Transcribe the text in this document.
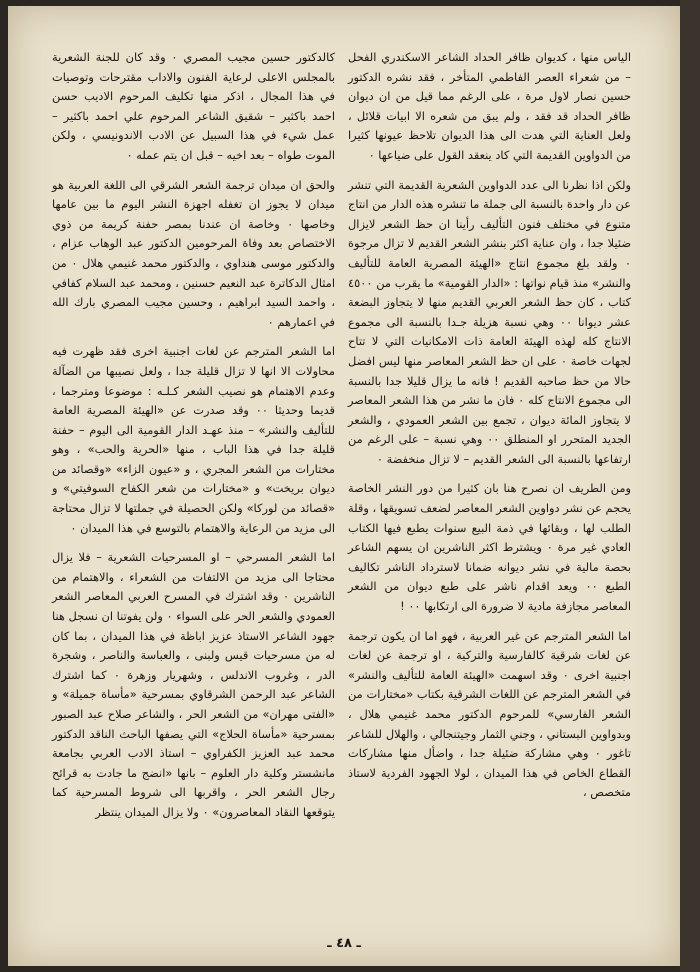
الياس منها ، كديوان ظافر الحداد الشاعر الاسكندري الفحل – من شعراء العصر الفاطمي المتأخر ، فقد نشره الدكتور حسين نصار لاول مرة ، على الرغم مما قيل من ان ديوان ظافر الحداد قد فقد ، ولم يبق من شعره الا ابيات قلائل ، ولعل العناية التي هدت الى هذا الديوان تلاحظ عيونها كثيرا من الدواوين القديمة التي كاد ينعقد القول على ضياعها ۰

ولكن اذا نظرنا الى عدد الدواوين الشعرية القديمة التي تنشر عن دار واحدة بالنسبة الى جملة ما تنشره هذه الدار من انتاج متنوع في مختلف فنون التأليف رأينا ان حظ الشعر لايزال ضئيلا جدا ، وان عناية اكثر بنشر الشعر القديم لا تزال مرجوة ۰ ولقد بلغ مجموع انتاج «الهيئة المصرية العامة للتأليف والنشر» منذ قيام نواتها : «الدار القومية» ما يقرب من ٤٥٠٠ كتاب ، كان حظ الشعر العربي القديم منها لا يتجاوز البضعة عشر ديوانا ۰۰ وهي نسبة هزيلة جـدا بالنسبة الى مجموع الانتاج كله لهذه الهيئة العامة ذات الامكانيات التي لا تتاح لجهات خاصة ۰ على ان حظ الشعر المعاصر منها ليس افضل حالا من حظ صاحبه القديم ! فانه ما يزال قليلا جدا بالنسبة الى مجموع الانتاج كله ۰ فان ما نشر من هذا الشعر المعاصر لا يتجاوز المائة ديوان ، تجمع بين الشعر العمودي ، والشعر الجديد المتحرر او المنطلق ۰۰ وهي نسبة – على الرغم من ارتفاعها بالنسبة الى الشعر القديم – لا تزال منخفضة ۰

ومن الطريف ان نصرح هنا بان كثيرا من دور النشر الخاصة يحجم عن نشر دواوين الشعر المعاصر لضعف تسويقها ، وقلة الطلب لها ، وبقائها في ذمة البيع سنوات يطبع فيها الكتاب العادي غير مرة ۰ ويشترط اكثر الناشرين ان يسهم الشاعر بحصة مالية في نشر ديوانه ضمانا لاسترداد الناشر تكاليف الطبع ۰۰ ويعد اقدام ناشر على طبع ديوان من الشعر المعاصر مجازفة مادية لا ضرورة الى ارتكابها ۰۰ !

اما الشعر المترجم عن غير العربية ، فهو اما ان يكون ترجمة عن لغات شرقية كالفارسية والتركية ، او ترجمة عن لغات اجنبية اخرى ۰ وقد اسهمت «الهيئة العامة للتأليف والنشر» في الشعر المترجم عن اللغات الشرقية بكتاب «مختارات من الشعر الفارسي» للمرحوم الدكتور محمد غنيمي هلال ، وبدواوين البستاني ، وجني الثمار وجيتنجالي ، والهلال للشاعر تاغور ۰ وهي مشاركة ضئيلة جدا ، واضأل منها مشاركات القطاع الخاص في هذا الميدان ، لولا الجهود الفردية لاستاذ متخصص ،

كالدكتور حسين مجيب المصري ۰ وقد كان للجنة الشعرية بالمجلس الاعلى لرعاية الفنون والاداب مقترحات وتوصيات في هذا المجال ، اذكر منها تكليف المرحوم الاديب حسن احمد باكثير – شقيق الشاعر المرحوم علي احمد باكثير – عمل شيء في هذا السبيل عن الادب الاندونيسي ، ولكن الموت طواه – بعد اخيه – قبل ان يتم عمله ۰

والحق ان ميدان ترجمة الشعر الشرقي الى اللغة العربية هو ميدان لا يجوز ان تغفله اجهزة النشر اليوم ما بين عامها وخاصها ۰ وخاصة ان عندنا بمصر حفنة كريمة من ذوي الاختصاص بعد وفاة المرحومين الدكتور عبد الوهاب عزام ، والدكتور موسى هنداوي ، والدكتور محمد غنيمي هلال ۰ من امثال الدكاترة عبد النعيم حسنين ، ومحمد عبد السلام كفافي ، واحمد السيد ابراهيم ، وحسين مجيب المصري بارك الله في اعمارهم ۰

اما الشعر المترجم عن لغات اجنبية اخرى فقد ظهرت فيه محاولات الا انها لا تزال قليلة جدا ، ولعل نصيبها من الضآلة وعدم الاهتمام هو نصيب الشعر كـلـه : موضوعا ومترجما ، قديما وحديثا ۰۰ وقد صدرت عن «الهيئة المصرية العامة للتأليف والنشر» – منذ عهـد الدار القومية الى اليوم – حفنة قليلة جدا في هذا الباب ، منها «الحرية والحب» ، وهو مختارات من الشعر المجري ، و «عيون الزاء» «وقصائد من ديوان بريخت» و «مختارات من شعر الكفاح السوفيتي» و «قصائد من لوركا» ولكن الحصيلة في جملتها لا تزال محتاجة الى مزيد من الرعاية والاهتمام بالتوسع في هذا الميدان ۰

اما الشعر المسرحي – او المسرحيات الشعرية – فلا يزال محتاجا الى مزيد من الالتفات من الشعراء ، والاهتمام من الناشرين ۰ وقد اشترك في المسرح العربي المعاصر الشعر العمودي والشعر الحر على السواء ۰ ولن يفوتنا ان نسجل هنا جهود الشاعر الاستاذ عزيز اباظة في هذا الميدان ، بما كان له من مسرحيات قيس ولبنى ، والعباسة والناصر ، وشجرة الدر ، وغروب الاندلس ، وشهريار وزهرة ۰ كما اشترك الشاعر عبد الرحمن الشرقاوي بمسرحية «مأساة جميلة» و «الفتى مهران» من الشعر الحر ، والشاعر صلاح عبد الصبور بمسرحية «مأساة الحلاج» التي يصفها الباحث الناقد الدكتور محمد عبد العزيز الكفراوي – استاذ الادب العربي بجامعة مانشستر وكلية دار العلوم – بانها «انضج ما جادت به قرائح رجال الشعر الحر ، واقربها الى شروط المسرحية كما يتوقعها النقاد المعاصرون» ۰ ولا يزال الميدان ينتظر

ـ ٤٨ ـ
